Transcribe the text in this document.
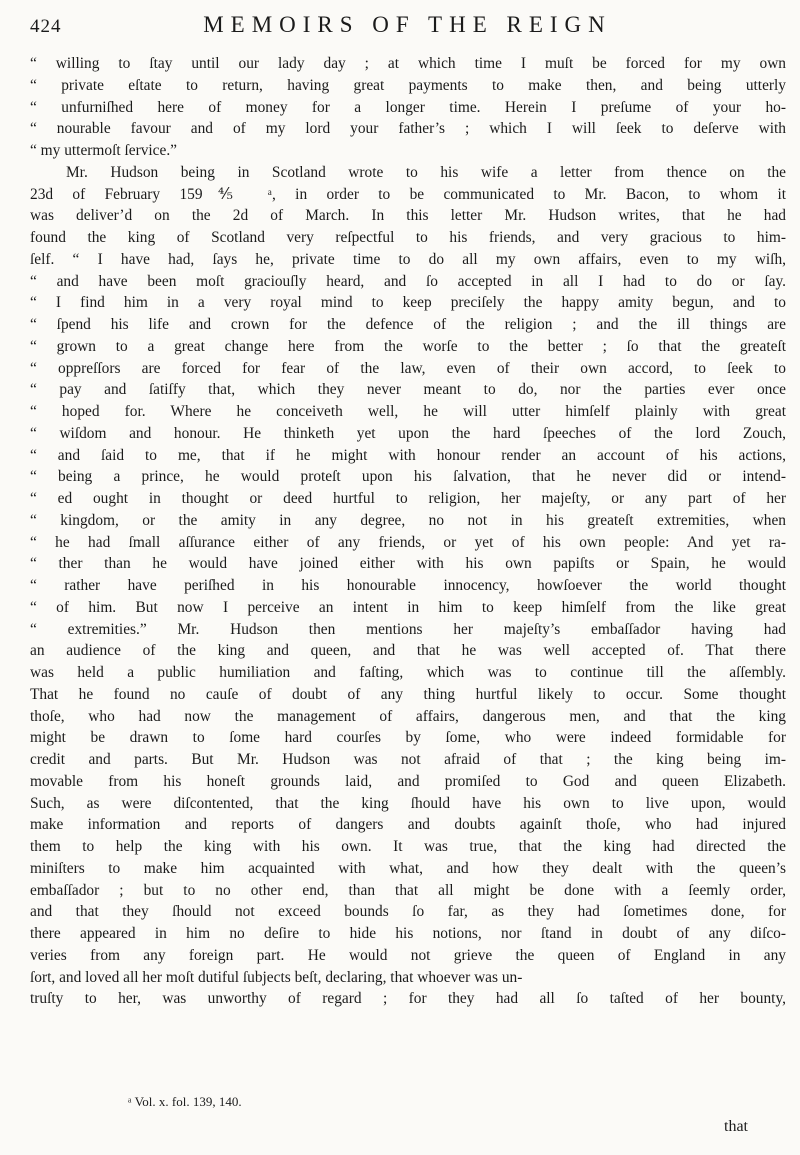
424	MEMOIRS OF THE REIGN
“ willing to ſtay until our lady day ; at which time I muſt be forced for my own
“ private eſtate to return, having great payments to make then, and being utterly
“ unfurniſhed here of money for a longer time. Herein I preſume of your ho-
“ nourable favour and of my lord your father’s ; which I will ſeek to deſerve with
“ my uttermoſt ſervice.”
Mr. Hudson being in Scotland wrote to his wife a letter from thence on the
23d of February 159⅘ ᵃ, in order to be communicated to Mr. Bacon, to whom it
was deliver’d on the 2d of March. In this letter Mr. Hudson writes, that he had
found the king of Scotland very reſpectful to his friends, and very gracious to him-
ſelf. “ I have had, ſays he, private time to do all my own affairs, even to my wiſh,
“ and have been moſt graciouſly heard, and ſo accepted in all I had to do or ſay.
“ I find him in a very royal mind to keep preciſely the happy amity begun, and to
“ ſpend his life and crown for the defence of the religion ; and the ill things are
“ grown to a great change here from the worſe to the better ; ſo that the greateſt
“ oppreſſors are forced for fear of the law, even of their own accord, to ſeek to
“ pay and ſatiſfy that, which they never meant to do, nor the parties ever once
“ hoped for. Where he conceiveth well, he will utter himſelf plainly with great
“ wiſdom and honour. He thinketh yet upon the hard ſpeeches of the lord Zouch,
“ and ſaid to me, that if he might with honour render an account of his actions,
“ being a prince, he would proteſt upon his ſalvation, that he never did or intend-
“ ed ought in thought or deed hurtful to religion, her majeſty, or any part of her
“ kingdom, or the amity in any degree, no not in his greateſt extremities, when
“ he had ſmall aſſurance either of any friends, or yet of his own people: And yet ra-
“ ther than he would have joined either with his own papiſts or Spain, he would
“ rather have periſhed in his honourable innocency, howſoever the world thought
“ of him. But now I perceive an intent in him to keep himſelf from the like great
“ extremities.” Mr. Hudson then mentions her majeſty’s embaſſador having had
an audience of the king and queen, and that he was well accepted of. That there
was held a public humiliation and faſting, which was to continue till the aſſembly.
That he found no cauſe of doubt of any thing hurtful likely to occur. Some thought
thoſe, who had now the management of affairs, dangerous men, and that the king
might be drawn to ſome hard courſes by ſome, who were indeed formidable for
credit and parts. But Mr. Hudson was not afraid of that ; the king being im-
movable from his honeſt grounds laid, and promiſed to God and queen Elizabeth.
Such, as were diſcontented, that the king ſhould have his own to live upon, would
make information and reports of dangers and doubts againſt thoſe, who had injured
them to help the king with his own. It was true, that the king had directed the
miniſters to make him acquainted with what, and how they dealt with the queen’s
embaſſador ; but to no other end, than that all might be done with a ſeemly order,
and that they ſhould not exceed bounds ſo far, as they had ſometimes done, for
there appeared in him no deſire to hide his notions, nor ſtand in doubt of any diſco-
veries from any foreign part. He would not grieve the queen of England in any
ſort, and loved all her moſt dutiful ſubjects beſt, declaring, that whoever was un-
truſty to her, was unworthy of regard ; for they had all ſo taſted of her bounty,
ᵃ Vol. x. fol. 139, 140.
that
